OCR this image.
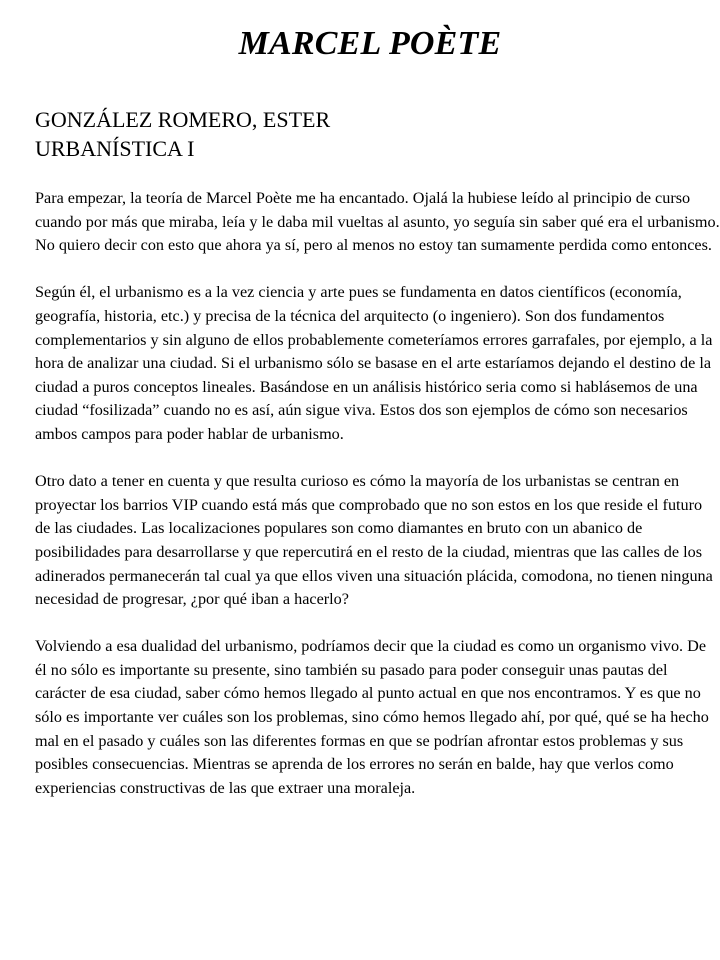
MARCEL POÈTE
GONZÁLEZ ROMERO, ESTER
URBANÍSTICA I

Para empezar, la teoría de Marcel Poète me ha encantado. Ojalá la hubiese leído al principio de curso cuando por más que miraba, leía y le daba mil vueltas al asunto, yo seguía sin saber qué era el urbanismo. No quiero decir con esto que ahora ya sí, pero al menos no estoy tan sumamente perdida como entonces.

Según él, el urbanismo es a la vez ciencia y arte pues se fundamenta en datos científicos (economía, geografía, historia, etc.) y precisa de la técnica del arquitecto (o ingeniero). Son dos fundamentos complementarios y sin alguno de ellos probablemente cometeríamos errores garrafales, por ejemplo, a la hora de analizar una ciudad. Si el urbanismo sólo se basase en el arte estaríamos dejando el destino de la ciudad a puros conceptos lineales. Basándose en un análisis histórico seria como si hablásemos de una ciudad “fosilizada” cuando no es así, aún sigue viva. Estos dos son ejemplos de cómo son necesarios ambos campos para poder hablar de urbanismo.

Otro dato a tener en cuenta y que resulta curioso es cómo la mayoría de los urbanistas se centran en proyectar los barrios VIP cuando está más que comprobado que no son estos en los que reside el futuro de las ciudades. Las localizaciones populares son como diamantes en bruto con un abanico de posibilidades para desarrollarse y que repercutirá en el resto de la ciudad, mientras que las calles de los adinerados permanecerán tal cual ya que ellos viven una situación plácida, comodona, no tienen ninguna necesidad de progresar, ¿por qué iban a hacerlo?

Volviendo a esa dualidad del urbanismo, podríamos decir que la ciudad es como un organismo vivo. De él no sólo es importante su presente, sino también su pasado para poder conseguir unas pautas del carácter de esa ciudad, saber cómo hemos llegado al punto actual en que nos encontramos. Y es que no sólo es importante ver cuáles son los problemas, sino cómo hemos llegado ahí, por qué, qué se ha hecho mal en el pasado y cuáles son las diferentes formas en que se podrían afrontar estos problemas y sus posibles consecuencias. Mientras se aprenda de los errores no serán en balde, hay que verlos como experiencias constructivas de las que extraer una moraleja.
